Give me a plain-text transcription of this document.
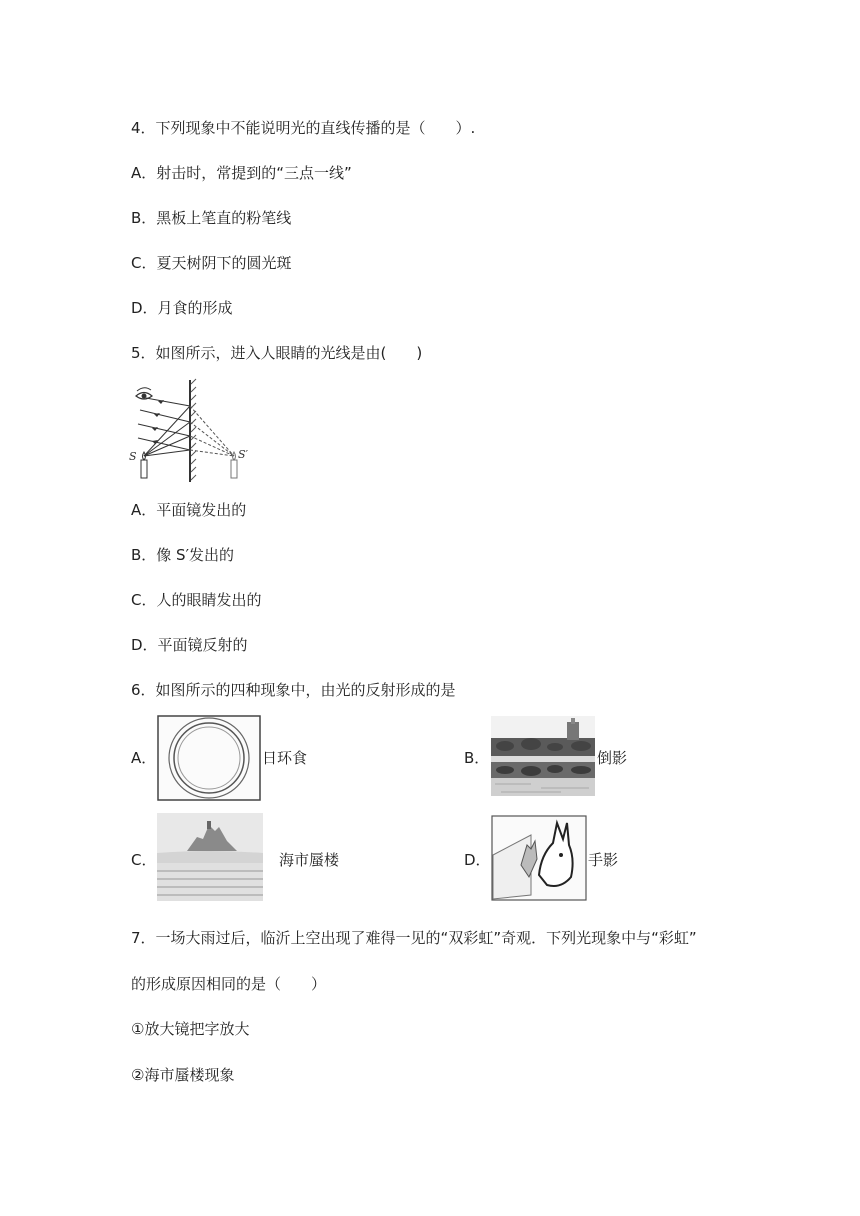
4．下列现象中不能说明光的直线传播的是（　　）.
A．射击时，常提到的“三点一线”
B．黑板上笔直的粉笔线
C．夏天树阴下的圆光斑
D．月食的形成
5．如图所示，进入人眼睛的光线是由(　　)
S	S′
A．平面镜发出的
B．像 S′发出的
C．人的眼睛发出的
D．平面镜反射的
6．如图所示的四种现象中，由光的反射形成的是
A．	日环食	B．	倒影
C．	海市蜃楼	D．	手影
7．一场大雨过后，临沂上空出现了难得一见的“双彩虹”奇观．下列光现象中与“彩虹”
的形成原因相同的是（　　）
①放大镜把字放大
②海市蜃楼现象
